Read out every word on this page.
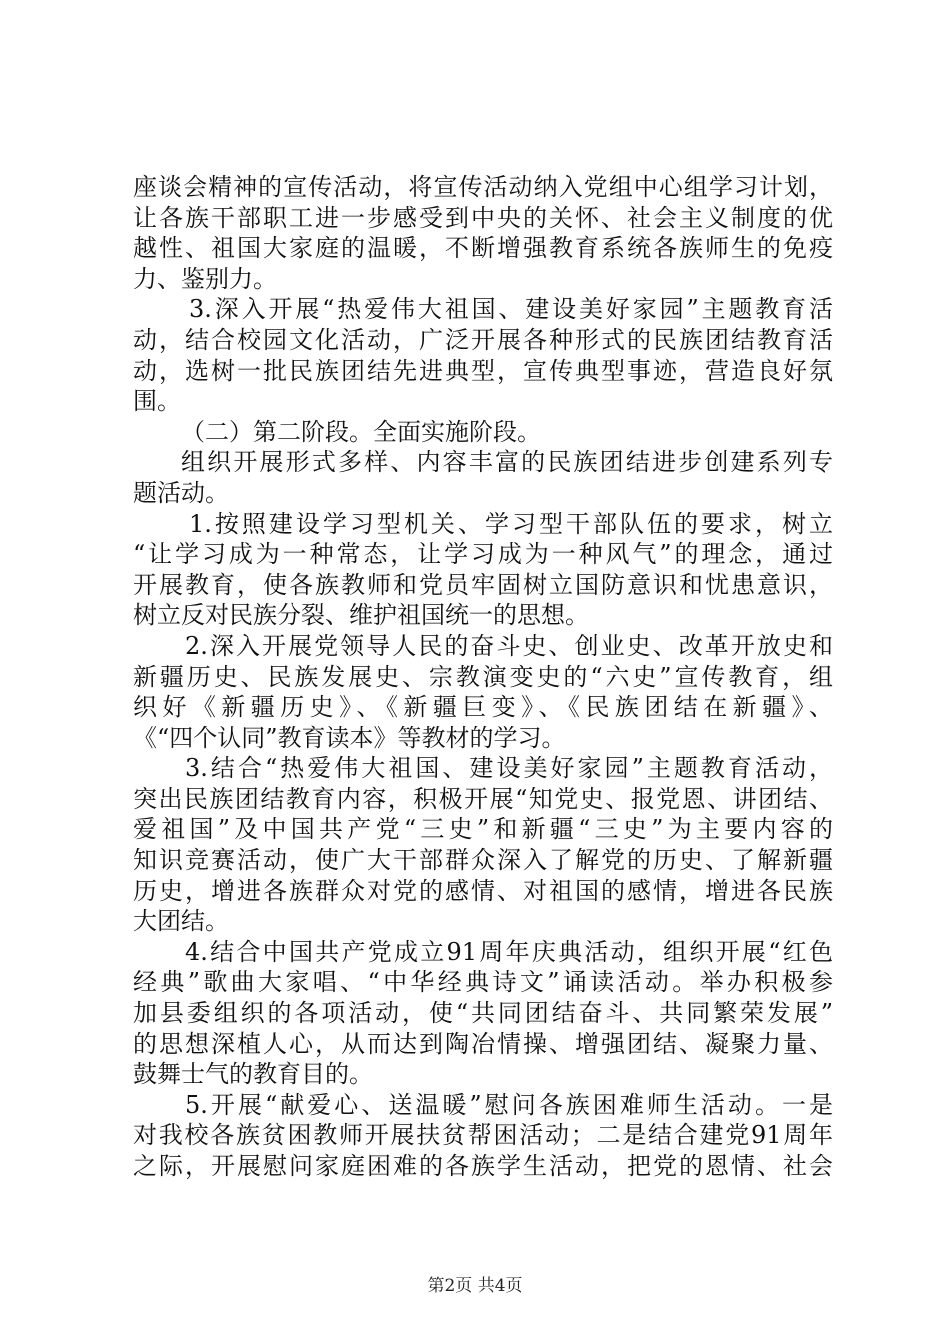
座谈会精神的宣传活动，将宣传活动纳入党组中心组学习计划，
让各族干部职工进一步感受到中央的关怀、社会主义制度的优
越性、祖国大家庭的温暖，不断增强教育系统各族师生的免疫
力、鉴别力。
3.深入开展“热爱伟大祖国、建设美好家园”主题教育活
动，结合校园文化活动，广泛开展各种形式的民族团结教育活
动，选树一批民族团结先进典型，宣传典型事迹，营造良好氛
围。
（二）第二阶段。全面实施阶段。
组织开展形式多样、内容丰富的民族团结进步创建系列专
题活动。
1.按照建设学习型机关、学习型干部队伍的要求，树立
“让学习成为一种常态，让学习成为一种风气”的理念，通过
开展教育，使各族教师和党员牢固树立国防意识和忧患意识，
树立反对民族分裂、维护祖国统一的思想。
2.深入开展党领导人民的奋斗史、创业史、改革开放史和
新疆历史、民族发展史、宗教演变史的“六史”宣传教育，组
织好《新疆历史》、《新疆巨变》、《民族团结在新疆》、
《“四个认同”教育读本》等教材的学习。
3.结合“热爱伟大祖国、建设美好家园”主题教育活动，
突出民族团结教育内容，积极开展“知党史、报党恩、讲团结、
爱祖国”及中国共产党“三史”和新疆“三史”为主要内容的
知识竞赛活动，使广大干部群众深入了解党的历史、了解新疆
历史，增进各族群众对党的感情、对祖国的感情，增进各民族
大团结。
4.结合中国共产党成立91周年庆典活动，组织开展“红色
经典”歌曲大家唱、“中华经典诗文”诵读活动。举办积极参
加县委组织的各项活动，使“共同团结奋斗、共同繁荣发展”
的思想深植人心，从而达到陶冶情操、增强团结、凝聚力量、
鼓舞士气的教育目的。
5.开展“献爱心、送温暖”慰问各族困难师生活动。一是
对我校各族贫困教师开展扶贫帮困活动；二是结合建党91周年
之际，开展慰问家庭困难的各族学生活动，把党的恩情、社会
第2页 共4页
